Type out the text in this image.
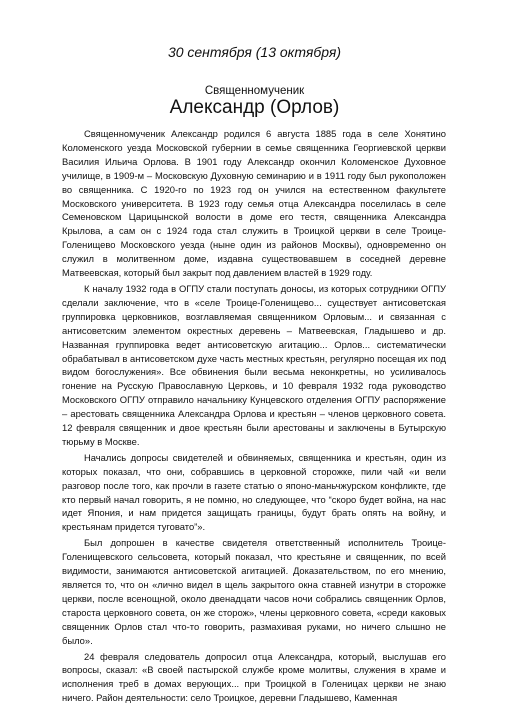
30 сентября (13 октября)
Священномученик
Александр (Орлов)

Священномученик Александр родился 6 августа 1885 года в селе Хонятино Коломенского уезда Московской губернии в семье священника Георгиевской церкви Василия Ильича Орлова. В 1901 году Александр окончил Коломенское Духовное училище, в 1909-м – Московскую Духовную семинарию и в 1911 году был рукоположен во священника. С 1920-го по 1923 год он учился на естественном факультете Московского университета. В 1923 году семья отца Александра поселилась в селе Семеновском Царицынской волости в доме его тестя, священника Александра Крылова, а сам он с 1924 года стал служить в Троицкой церкви в селе Троице-Голенищево Московского уезда (ныне один из районов Москвы), одновременно он служил в молитвенном доме, издавна существовавшем в соседней деревне Матвеевская, который был закрыт под давлением властей в 1929 году.

К началу 1932 года в ОГПУ стали поступать доносы, из которых сотрудники ОГПУ сделали заключение, что в «селе Троице-Голенищево... существует антисоветская группировка церковников, возглавляемая священником Орловым... и связанная с антисоветским элементом окрестных деревень – Матвеевская, Гладышево и др. Названная группировка ведет антисоветскую агитацию... Орлов... систематически обрабатывал в антисоветском духе часть местных крестьян, регулярно посещая их под видом богослужения». Все обвинения были весьма неконкретны, но усиливалось гонение на Русскую Православную Церковь, и 10 февраля 1932 года руководство Московского ОГПУ отправило начальнику Кунцевского отделения ОГПУ распоряжение – арестовать священника Александра Орлова и крестьян – членов церковного совета. 12 февраля священник и двое крестьян были арестованы и заключены в Бутырскую тюрьму в Москве.

Начались допросы свидетелей и обвиняемых, священника и крестьян, один из которых показал, что они, собравшись в церковной сторожке, пили чай «и вели разговор после того, как прочли в газете статью о японо-маньчжурском конфликте, где кто первый начал говорить, я не помню, но следующее, что “скоро будет война, на нас идет Япония, и нам придется защищать границы, будут брать опять на войну, и крестьянам придется туговато”».

Был допрошен в качестве свидетеля ответственный исполнитель Троице-Голенищевского сельсовета, который показал, что крестьяне и священник, по всей видимости, занимаются антисоветской агитацией. Доказательством, по его мнению, является то, что он «лично видел в щель закрытого окна ставней изнутри в сторожке церкви, после всенощной, около двенадцати часов ночи собрались священник Орлов, староста церковного совета, он же сторож», члены церковного совета, «среди каковых священник Орлов стал что-то говорить, размахивая руками, но ничего слышно не было».

24 февраля следователь допросил отца Александра, который, выслушав его вопросы, сказал: «В своей пастырской службе кроме молитвы, служения в храме и исполнения треб в домах верующих... при Троицкой в Голеницах церкви не знаю ничего. Район деятельности: село Троицкое, деревни Гладышево, Каменная
